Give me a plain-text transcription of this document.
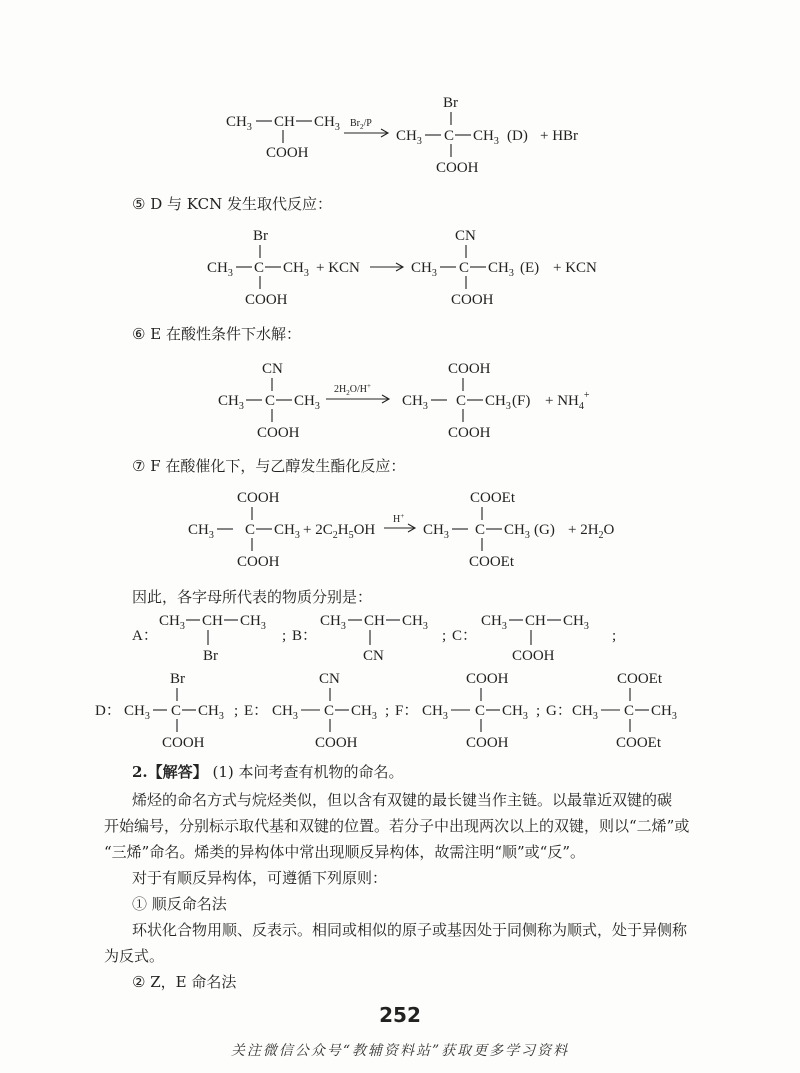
$CH_3$ CH $CH_3$
COOH
$Br_2/P$
Br
$CH_3$ C $CH_3$
COOH
(D) + HBr
Br
$CH_3$ C $CH_3$
COOH
+ KCN
CN
$CH_3$ C $CH_3$
COOH
(E) + KCN
CN
$CH_3$ C $CH_3$
COOH
$2H_2O/H^+$
COOH
$CH_3$ C $CH_3$
COOH
$(F) + NH_4^+$
COOH
$CH_3$ C $CH_3$
COOH
+ $2C_2H_5OH$
H+
COOEt
$CH_3$ C $CH_3$
COOEt
$(G) + 2H_2O$
A：
$CH_3$ CH $CH_3$
Br
; B：
$CH_3$ CH $CH_3$
CN
; C：
$CH_3$ CH $CH_3$
COOH
;
D：
Br
$CH_3$ C $CH_3$
COOH
; E：
CN
$CH_3$ C $CH_3$
COOH
; F：
COOH
$CH_3$ C $CH_3$
COOH
; G：
COOEt
$CH_3$ C $CH_3$
COOEt
⑤ D 与 KCN 发生取代反应：
⑥ E 在酸性条件下水解：
⑦ F 在酸催化下，与乙醇发生酯化反应：
因此，各字母所代表的物质分别是：
2.【解答】 (1) 本问考查有机物的命名。
烯烃的命名方式与烷烃类似，但以含有双键的最长键当作主链。以最靠近双键的碳
开始编号，分别标示取代基和双键的位置。若分子中出现两次以上的双键，则以“二烯”或
“三烯”命名。烯类的异构体中常出现顺反异构体，故需注明“顺”或“反”。
对于有顺反异构体，可遵循下列原则：
① 顺反命名法
环状化合物用顺、反表示。相同或相似的原子或基因处于同侧称为顺式，处于异侧称
为反式。
② Z，E 命名法
252
关注微信公众号“教辅资料站”获取更多学习资料
